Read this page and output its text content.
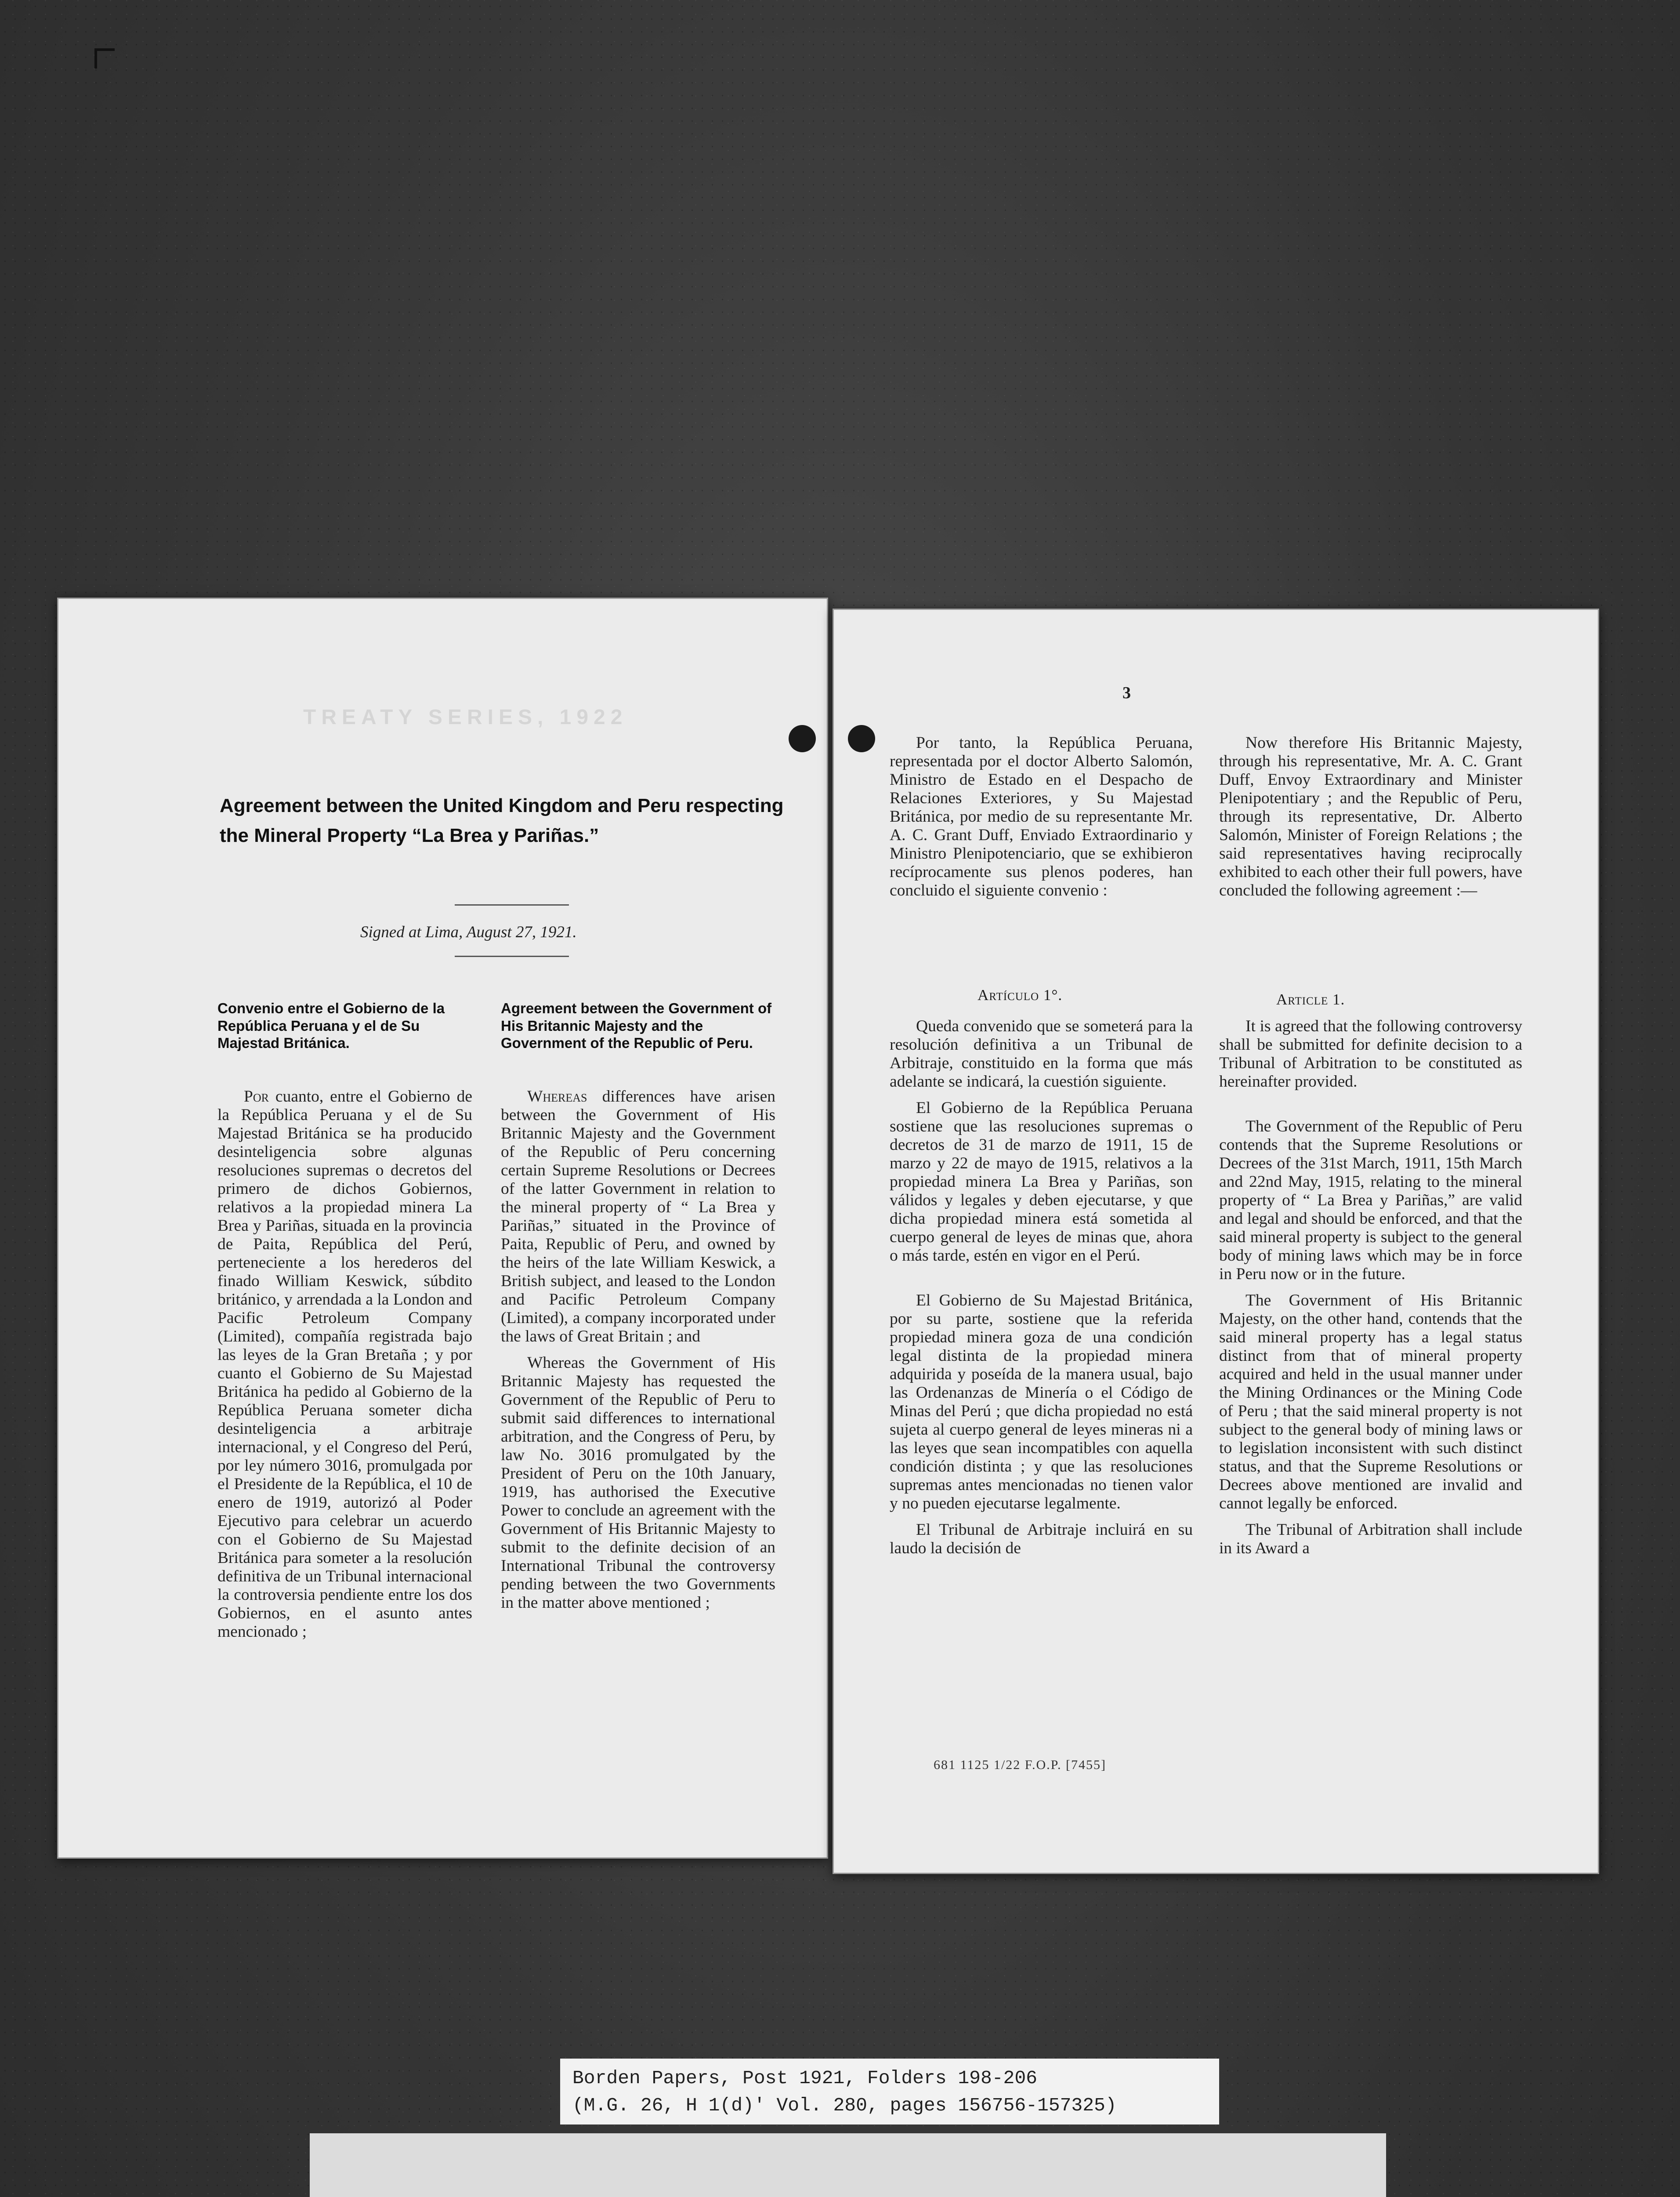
TREATY SERIES, 1922
Agreement between the United Kingdom and Peru respecting the Mineral Property “La Brea y Pariñas.”
Signed at Lima, August 27, 1921.
Convenio entre el Gobierno de la República Peruana y el de Su Majestad Británica.
Agreement between the Government of His Britannic Majesty and the Government of the Republic of Peru.

Por cuanto, entre el Gobierno de la República Peruana y el de Su Majestad Británica se ha producido desinteligencia sobre algunas resoluciones supremas o decretos del primero de dichos Gobiernos, relativos a la propiedad minera La Brea y Pariñas, situada en la provincia de Paita, República del Perú, perteneciente a los herederos del finado William Keswick, súbdito británico, y arrendada a la London and Pacific Petroleum Company (Limited), compañía registrada bajo las leyes de la Gran Bretaña ; y por cuanto el Gobierno de Su Majestad Británica ha pedido al Gobierno de la República Peruana someter dicha desinteligencia a arbitraje internacional, y el Congreso del Perú, por ley número 3016, promulgada por el Presidente de la República, el 10 de enero de 1919, autorizó al Poder Ejecutivo para celebrar un acuerdo con el Gobierno de Su Majestad Británica para someter a la resolución definitiva de un Tribunal internacional la controversia pendiente entre los dos Gobiernos, en el asunto antes mencionado ;

Whereas differences have arisen between the Government of His Britannic Majesty and the Government of the Republic of Peru concerning certain Supreme Resolutions or Decrees of the latter Government in relation to the mineral property of “ La Brea y Pariñas,” situated in the Province of Paita, Republic of Peru, and owned by the heirs of the late William Keswick, a British subject, and leased to the London and Pacific Petroleum Company (Limited), a company incorporated under the laws of Great Britain ; and

Whereas the Government of His Britannic Majesty has requested the Government of the Republic of Peru to submit said differences to international arbitration, and the Congress of Peru, by law No. 3016 promulgated by the President of Peru on the 10th January, 1919, has authorised the Executive Power to conclude an agreement with the Government of His Britannic Majesty to submit to the definite decision of an International Tribunal the controversy pending between the two Governments in the matter above mentioned ;

3

Por tanto, la República Peruana, representada por el doctor Alberto Salomón, Ministro de Estado en el Despacho de Relaciones Exteriores, y Su Majestad Británica, por medio de su representante Mr. A. C. Grant Duff, Enviado Extraordinario y Ministro Plenipotenciario, que se exhibieron recíprocamente sus plenos poderes, han concluido el siguiente convenio :

Now therefore His Britannic Majesty, through his representative, Mr. A. C. Grant Duff, Envoy Extraordinary and Minister Plenipotentiary ; and the Republic of Peru, through its representative, Dr. Alberto Salomón, Minister of Foreign Relations ; the said representatives having reciprocally exhibited to each other their full powers, have concluded the following agreement :—

Artículo 1°.	Article 1.

Queda convenido que se someterá para la resolución definitiva a un Tribunal de Arbitraje, constituido en la forma que más adelante se indicará, la cuestión siguiente.

El Gobierno de la República Peruana sostiene que las resoluciones supremas o decretos de 31 de marzo de 1911, 15 de marzo y 22 de mayo de 1915, relativos a la propiedad minera La Brea y Pariñas, son válidos y legales y deben ejecutarse, y que dicha propiedad minera está sometida al cuerpo general de leyes de minas que, ahora o más tarde, estén en vigor en el Perú.

El Gobierno de Su Majestad Británica, por su parte, sostiene que la referida propiedad minera goza de una condición legal distinta de la propiedad minera adquirida y poseída de la manera usual, bajo las Ordenanzas de Minería o el Código de Minas del Perú ; que dicha propiedad no está sujeta al cuerpo general de leyes mineras ni a las leyes que sean incompatibles con aquella condición distinta ; y que las resoluciones supremas antes mencionadas no tienen valor y no pueden ejecutarse legalmente.

El Tribunal de Arbitraje incluirá en su laudo la decisión de

It is agreed that the following controversy shall be submitted for definite decision to a Tribunal of Arbitration to be constituted as hereinafter provided.

The Government of the Republic of Peru contends that the Supreme Resolutions or Decrees of the 31st March, 1911, 15th March and 22nd May, 1915, relating to the mineral property of “ La Brea y Pariñas,” are valid and legal and should be enforced, and that the said mineral property is subject to the general body of mining laws which may be in force in Peru now or in the future.

The Government of His Britannic Majesty, on the other hand, contends that the said mineral property has a legal status distinct from that of mineral property acquired and held in the usual manner under the Mining Ordinances or the Mining Code of Peru ; that the said mineral property is not subject to the general body of mining laws or to legislation inconsistent with such distinct status, and that the Supreme Resolutions or Decrees above mentioned are invalid and cannot legally be enforced.

The Tribunal of Arbitration shall include in its Award a

681 1125 1/22 F.O.P. [7455]
Borden Papers, Post 1921, Folders 198-206
(M.G. 26, H 1(d)' Vol. 280, pages 156756-157325)
